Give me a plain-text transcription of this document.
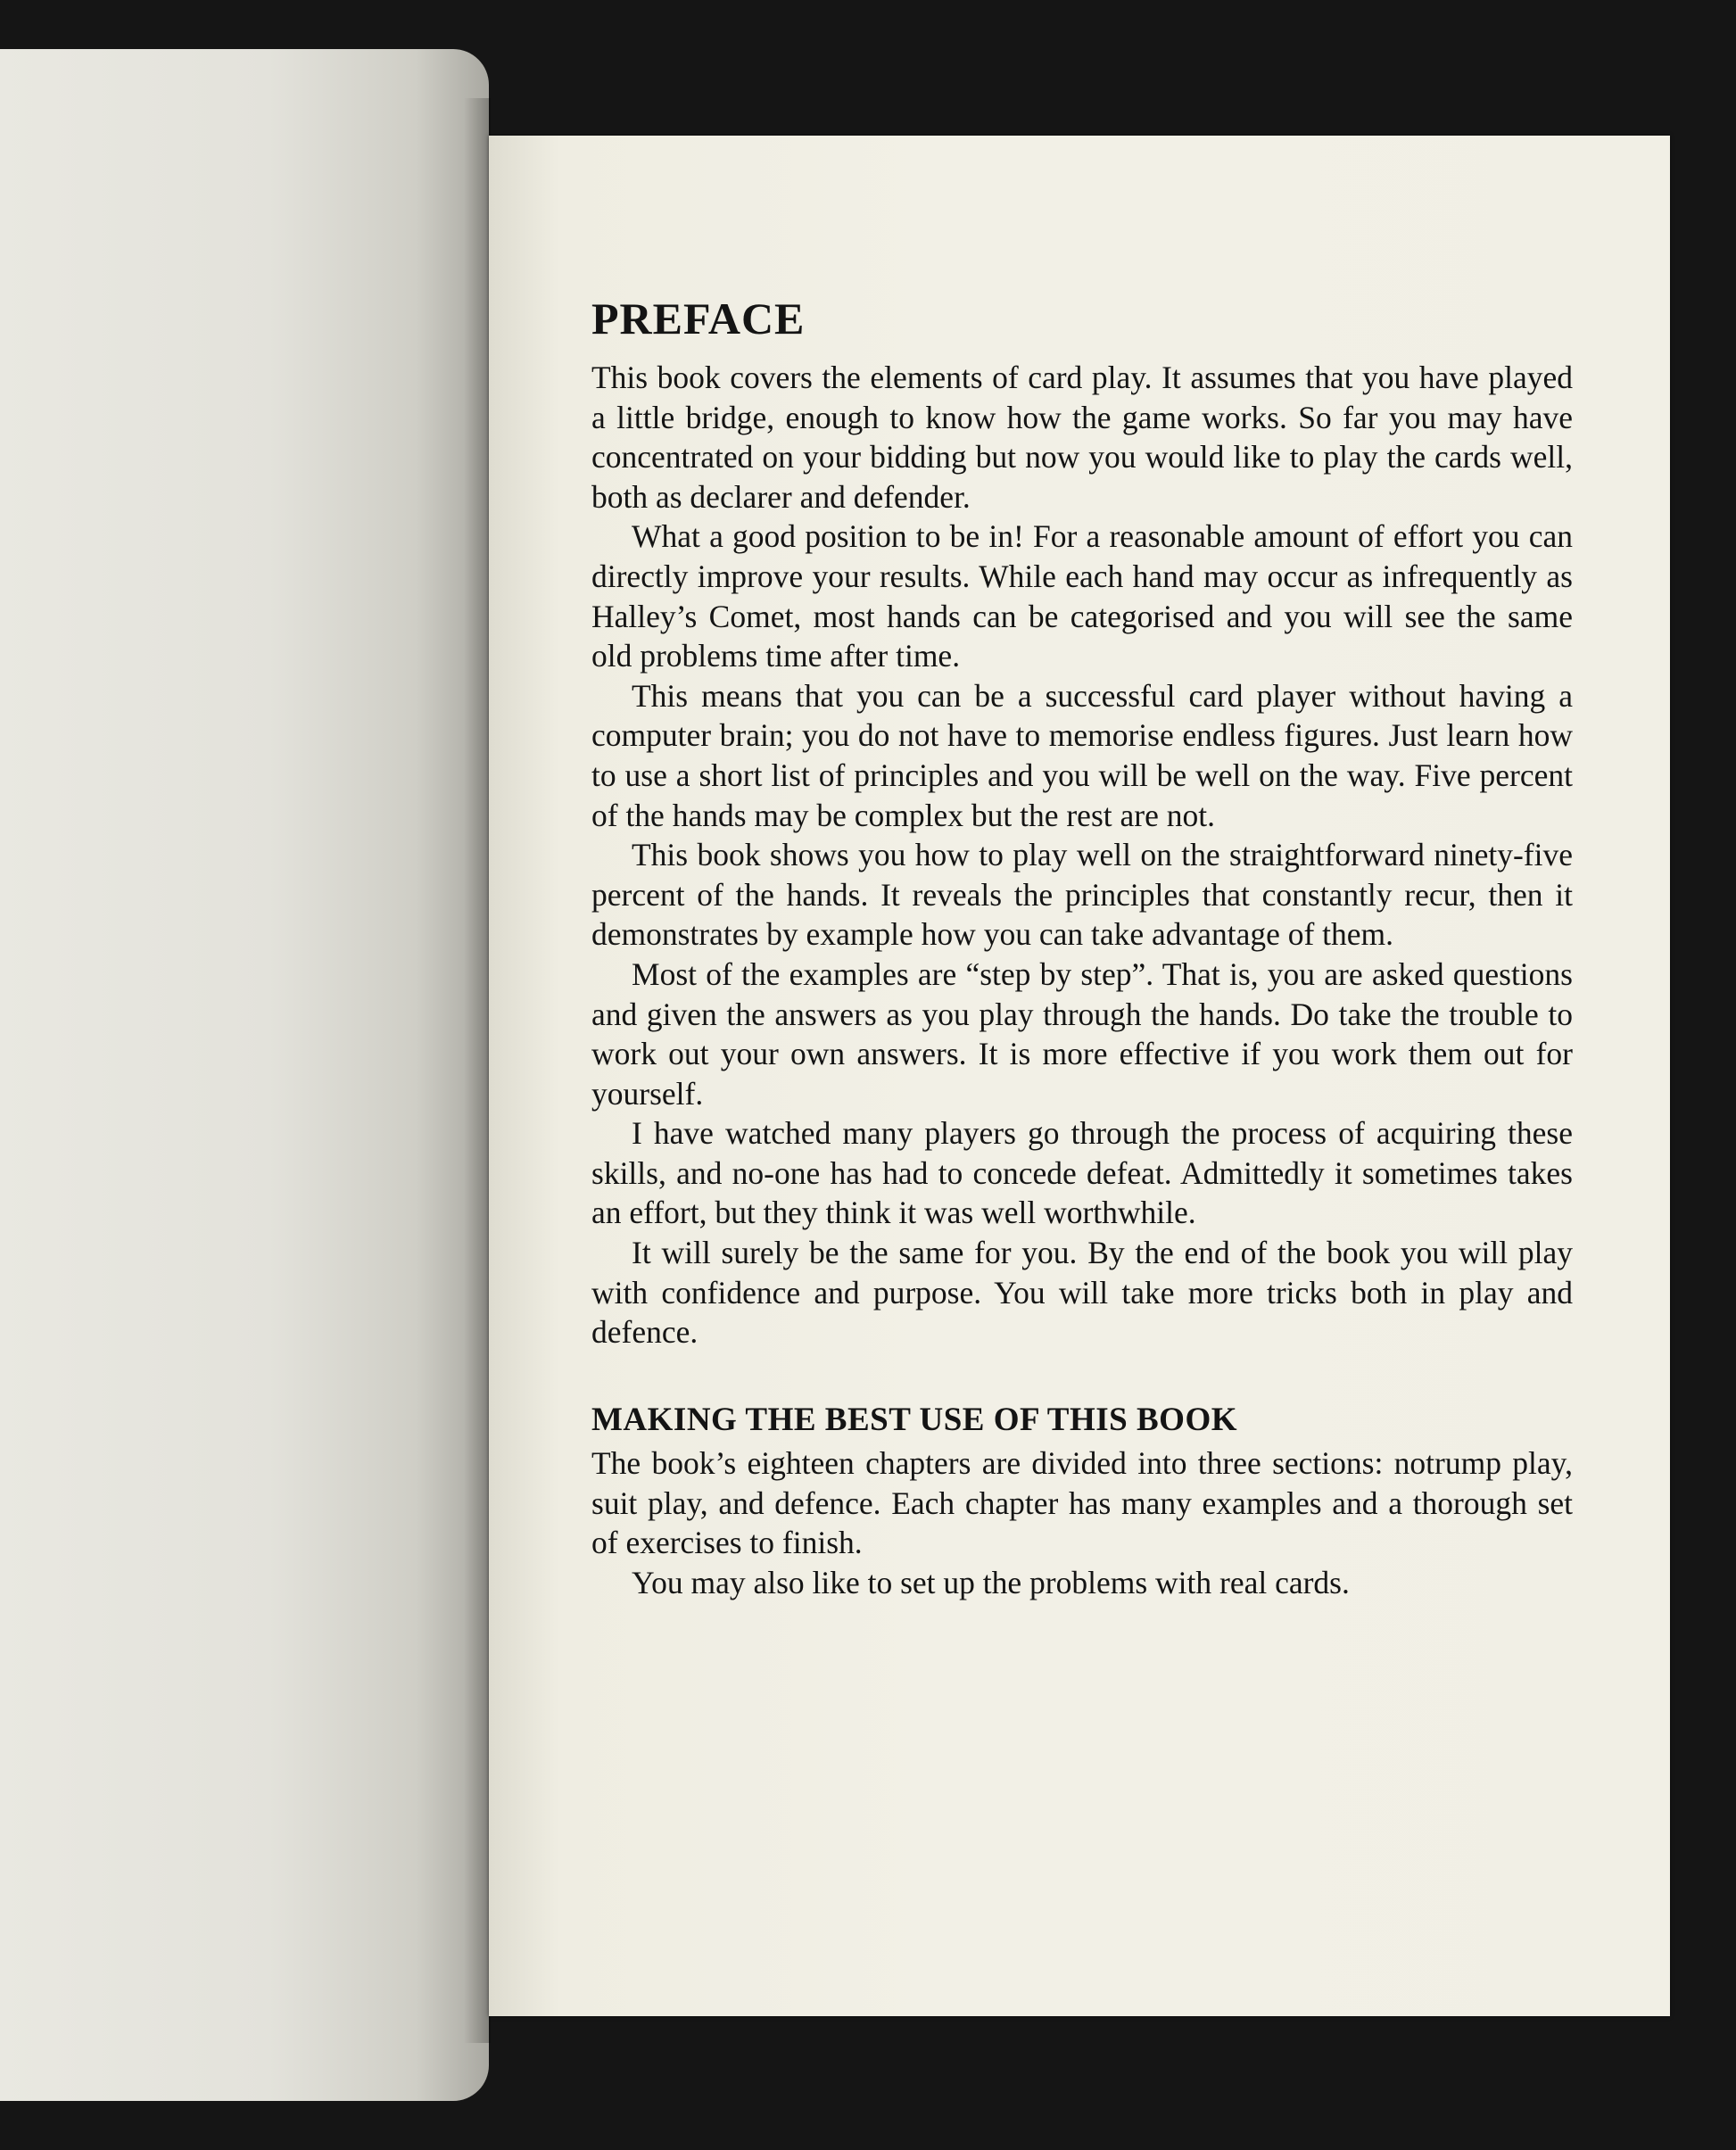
PREFACE

This book covers the elements of card play. It assumes that you have played a little bridge, enough to know how the game works. So far you may have concentrated on your bidding but now you would like to play the cards well, both as declarer and defender.

What a good position to be in! For a reasonable amount of effort you can directly improve your results. While each hand may occur as infrequently as Halley’s Comet, most hands can be categorised and you will see the same old problems time after time.

This means that you can be a successful card player without having a computer brain; you do not have to memorise endless figures. Just learn how to use a short list of principles and you will be well on the way. Five percent of the hands may be complex but the rest are not.

This book shows you how to play well on the straightforward ninety-five percent of the hands. It reveals the principles that constantly recur, then it demonstrates by example how you can take advantage of them.

Most of the examples are “step by step”. That is, you are asked questions and given the answers as you play through the hands. Do take the trouble to work out your own answers. It is more effective if you work them out for yourself.

I have watched many players go through the process of acquiring these skills, and no-one has had to concede defeat. Admittedly it sometimes takes an effort, but they think it was well worthwhile.

It will surely be the same for you. By the end of the book you will play with confidence and purpose. You will take more tricks both in play and defence.

MAKING THE BEST USE OF THIS BOOK

The book’s eighteen chapters are divided into three sections: notrump play, suit play, and defence. Each chapter has many examples and a thorough set of exercises to finish.

You may also like to set up the problems with real cards.
